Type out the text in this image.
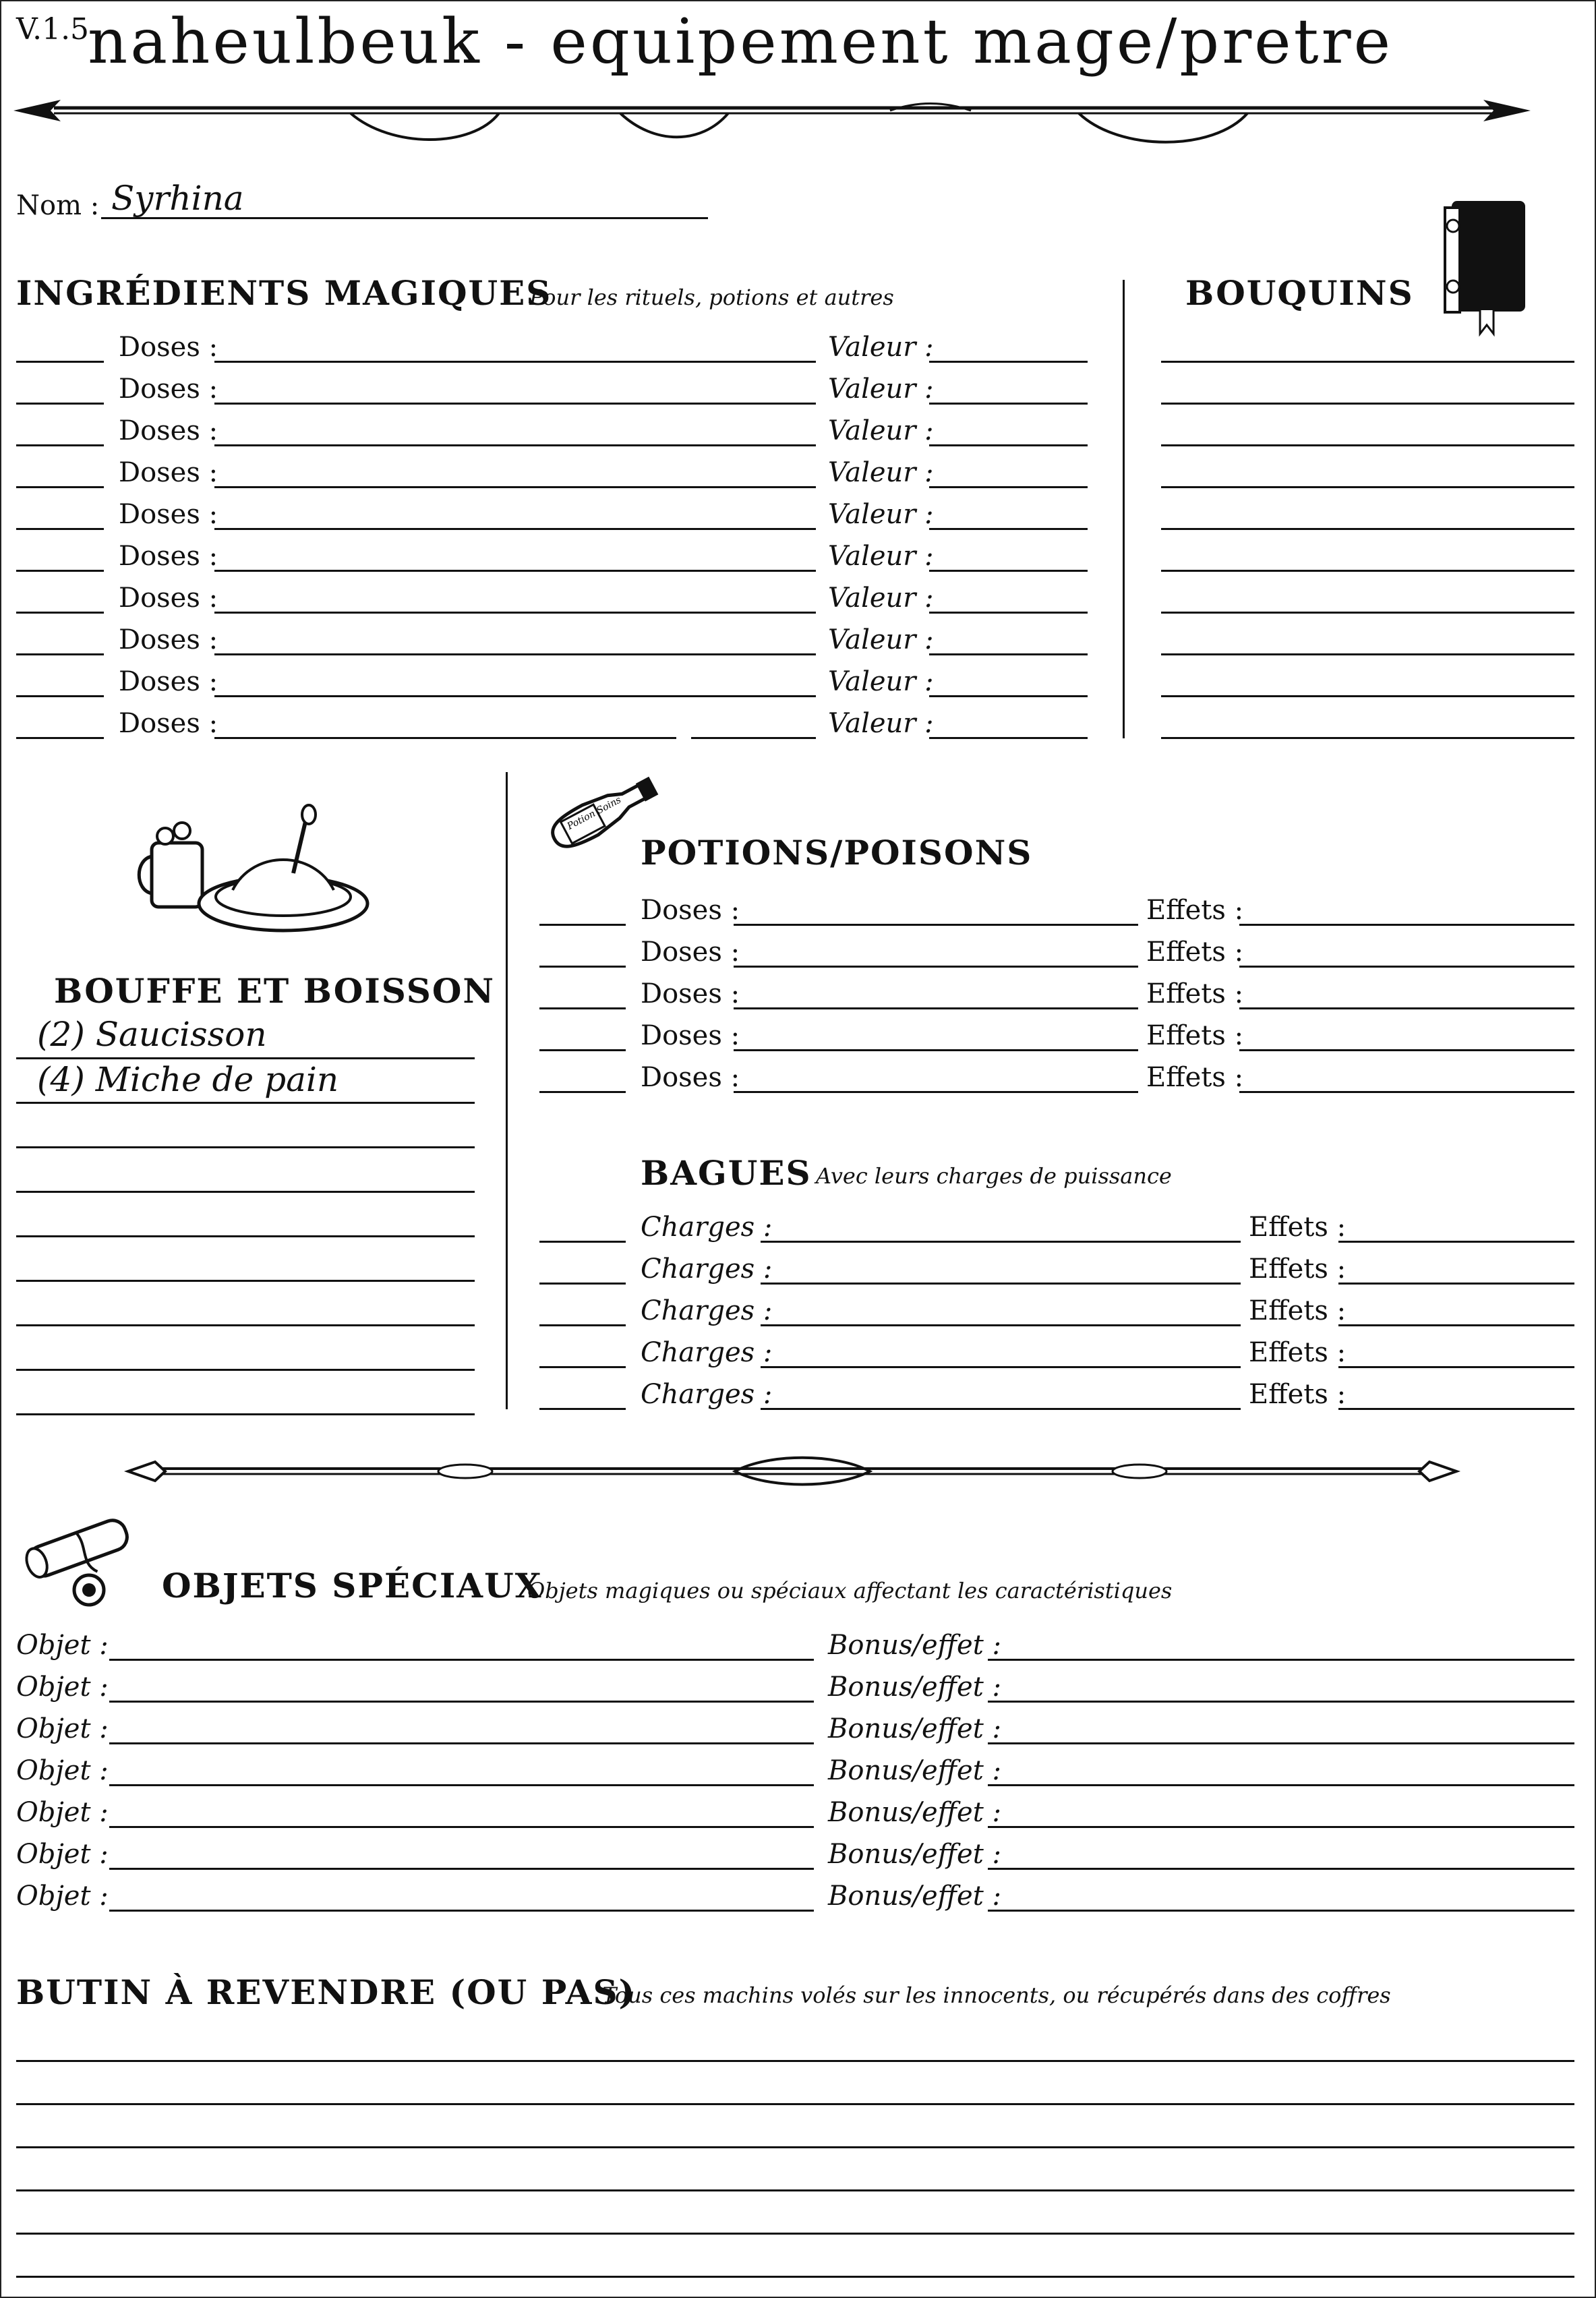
V.1.5
naheulbeuk - equipement mage/pretre
Nom : Syrhina
INGRÉDIENTS MAGIQUES
Pour les rituels, potions et autres
Doses :	Valeur :
Doses :	Valeur :
Doses :	Valeur :
Doses :	Valeur :
Doses :	Valeur :
Doses :	Valeur :
Doses :	Valeur :
Doses :	Valeur :
Doses :	Valeur :
Doses :	Valeur :
BOUQUINS
BOUFFE ET BOISSON
(2) Saucisson
(4) Miche de pain
Potion Soins
POTIONS/POISONS
Doses :	Effets :
Doses :	Effets :
Doses :	Effets :
Doses :	Effets :
Doses :	Effets :
BAGUES Avec leurs charges de puissance
Charges :	Effets :
Charges :	Effets :
Charges :	Effets :
Charges :	Effets :
Charges :	Effets :
OBJETS SPÉCIAUX
Objets magiques ou spéciaux affectant les caractéristiques
Objet :	Bonus/effet :
Objet :	Bonus/effet :
Objet :	Bonus/effet :
Objet :	Bonus/effet :
Objet :	Bonus/effet :
Objet :	Bonus/effet :
Objet :	Bonus/effet :
BUTIN À REVENDRE (OU PAS)
Tous ces machins volés sur les innocents, ou récupérés dans des coffres
